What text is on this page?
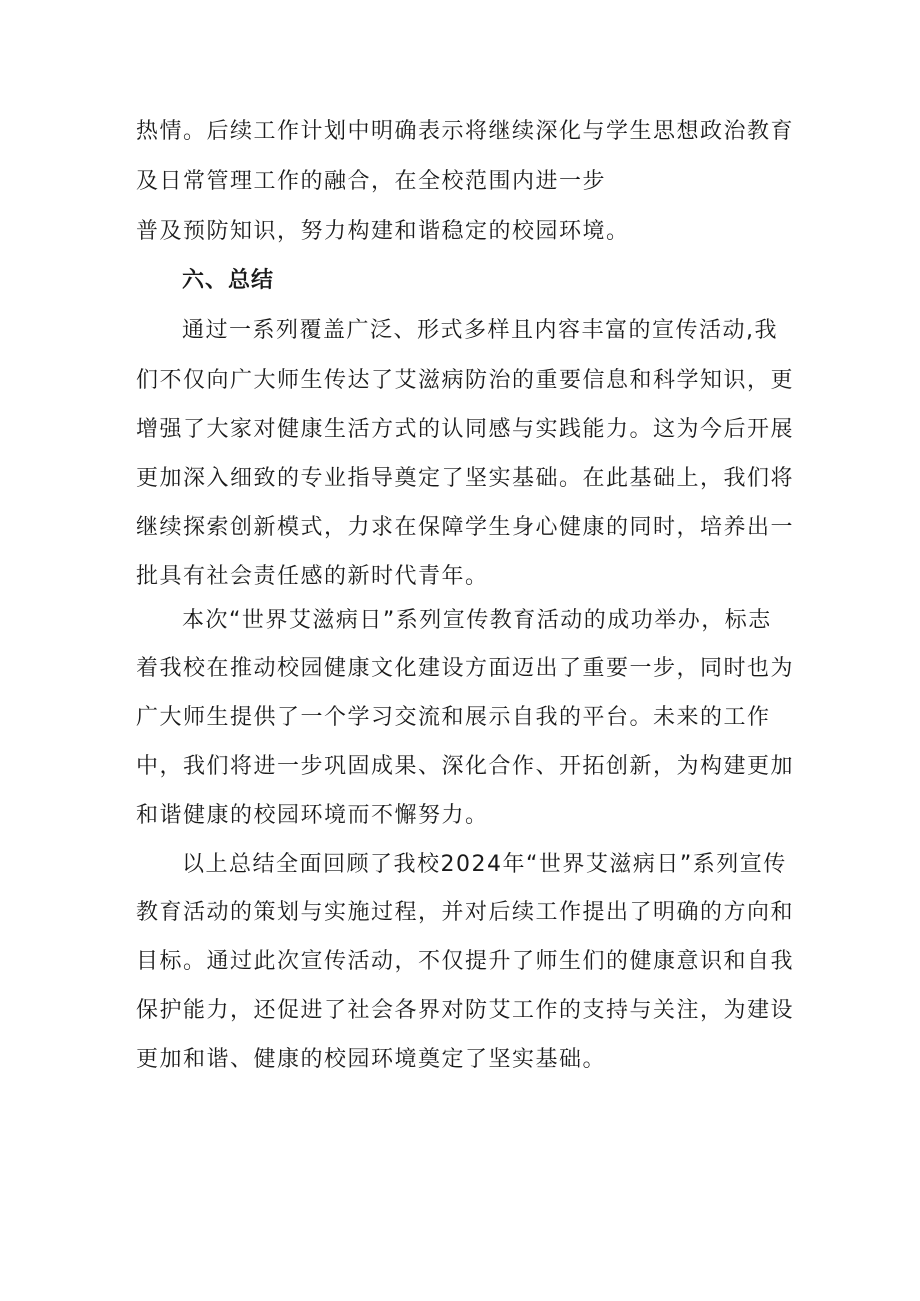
热情。后续工作计划中明确表示将继续深化与学生思想政治教育
及日常管理工作的融合，在全校范围内进一步
普及预防知识，努力构建和谐稳定的校园环境。
六、总结
通过一系列覆盖广泛、形式多样且内容丰富的宣传活动,我
们不仅向广大师生传达了艾滋病防治的重要信息和科学知识，更
增强了大家对健康生活方式的认同感与实践能力。这为今后开展
更加深入细致的专业指导奠定了坚实基础。在此基础上，我们将
继续探索创新模式，力求在保障学生身心健康的同时，培养出一
批具有社会责任感的新时代青年。
本次“世界艾滋病日”系列宣传教育活动的成功举办，标志
着我校在推动校园健康文化建设方面迈出了重要一步，同时也为
广大师生提供了一个学习交流和展示自我的平台。未来的工作
中，我们将进一步巩固成果、深化合作、开拓创新，为构建更加
和谐健康的校园环境而不懈努力。
以上总结全面回顾了我校2024年“世界艾滋病日”系列宣传
教育活动的策划与实施过程，并对后续工作提出了明确的方向和
目标。通过此次宣传活动，不仅提升了师生们的健康意识和自我
保护能力，还促进了社会各界对防艾工作的支持与关注，为建设
更加和谐、健康的校园环境奠定了坚实基础。
